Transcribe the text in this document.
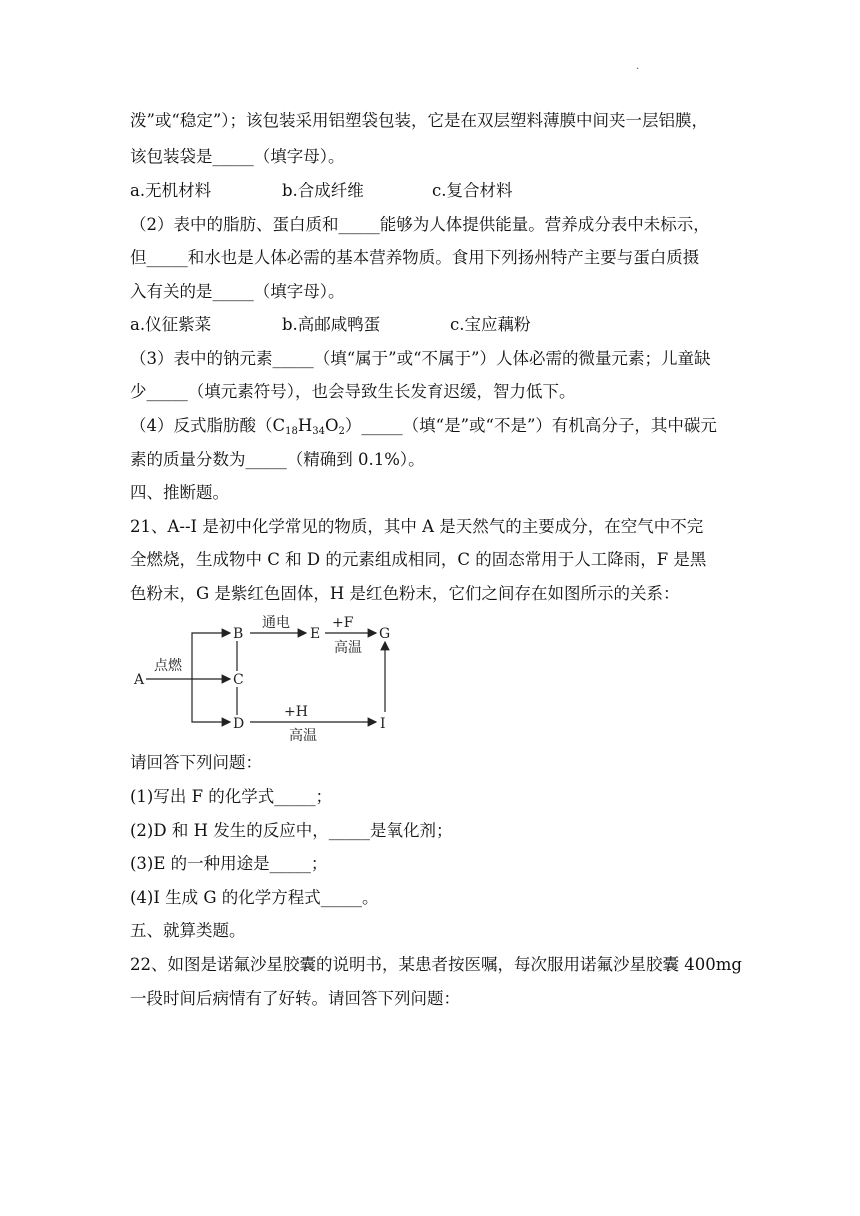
·
泼”或“稳定”）；该包装采用铝塑袋包装，它是在双层塑料薄膜中间夹一层铝膜，
该包装袋是_____（填字母）。
a.无机材料	b.合成纤维	c.复合材料
（2）表中的脂肪、蛋白质和_____能够为人体提供能量。营养成分表中未标示，
但_____和水也是人体必需的基本营养物质。食用下列扬州特产主要与蛋白质摄
入有关的是_____（填字母）。
a.仪征紫菜	b.高邮咸鸭蛋	c.宝应藕粉
（3）表中的钠元素_____（填“属于”或“不属于”）人体必需的微量元素；儿童缺
少_____（填元素符号），也会导致生长发育迟缓，智力低下。
（4）反式脂肪酸$(C_{18}H_{34}O_2)\_\_\_\_\_$（填“是”或“不是”）有机高分子，其中碳元
素的质量分数为_____（精确到 0.1%）。
四、推断题。
21、A--I 是初中化学常见的物质，其中 A 是天然气的主要成分，在空气中不完
全燃烧，生成物中 C 和 D 的元素组成相同，C 的固态常用于人工降雨，F 是黑
色粉末，G 是紫红色固体，H 是红色粉末，它们之间存在如图所示的关系：
A
B
C
D
E	G
I
点燃
通电	+F
高温
+H
高温
请回答下列问题：
(1)写出 F 的化学式_____；
(2)D 和 H 发生的反应中，_____是氧化剂；
(3)E 的一种用途是_____；
(4)I 生成 G 的化学方程式_____。
五、就算类题。
22、如图是诺氟沙星胶囊的说明书，某患者按医嘱，每次服用诺氟沙星胶囊 400mg
一段时间后病情有了好转。请回答下列问题：
